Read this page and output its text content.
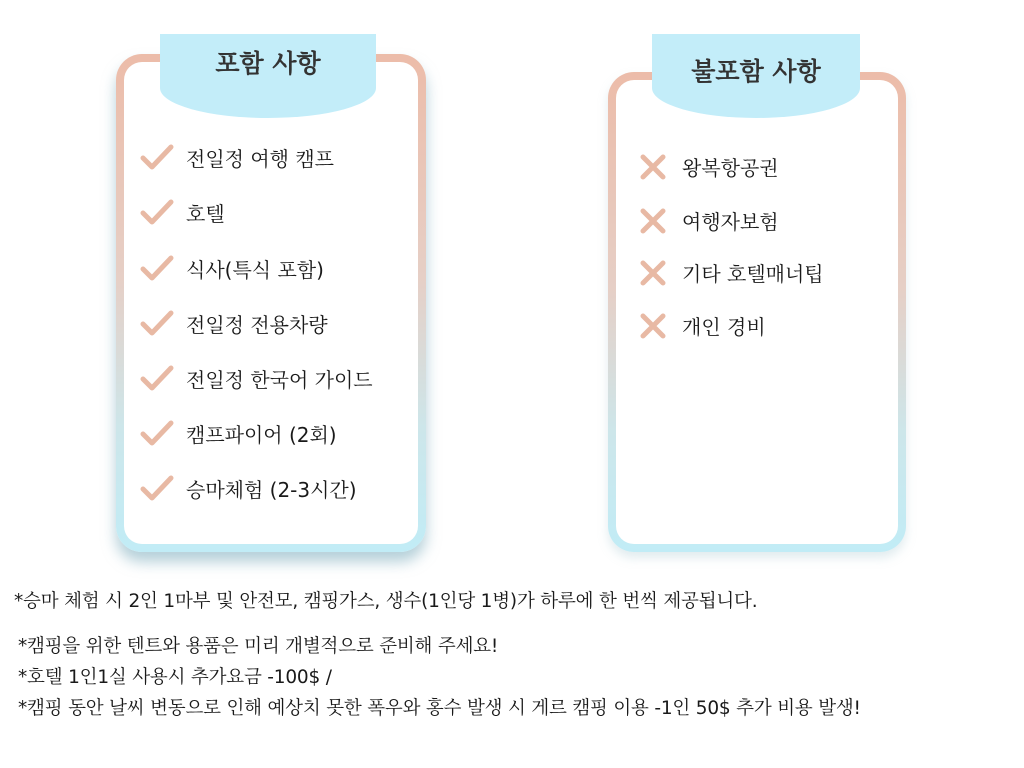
포함 사항
전일정 여행 캠프
호텔
식사(특식 포함)
전일정 전용차량
전일정 한국어 가이드
캠프파이어 (2회)
승마체험 (2-3시간)
불포함 사항
왕복항공권
여행자보험
기타 호텔매너팁
개인 경비
*승마 체험 시 2인 1마부 및 안전모, 캠핑가스, 생수(1인당 1병)가 하루에 한 번씩 제공됩니다.
*캠핑을 위한 텐트와 용품은 미리 개별적으로 준비해 주세요!
*호텔 1인1실 사용시 추가요금 -100$ /
*캠핑 동안 날씨 변동으로 인해 예상치 못한 폭우와 홍수 발생 시 게르 캠핑 이용 -1인 50$ 추가 비용 발생!
